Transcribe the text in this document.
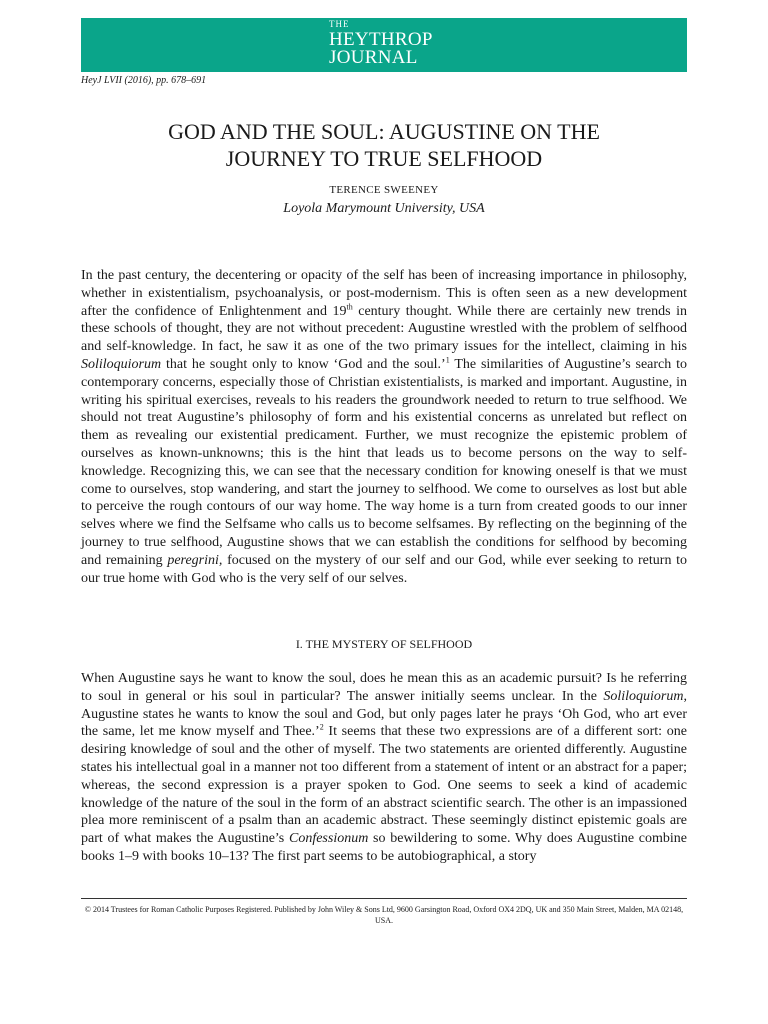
THE
HEYTHROP
JOURNAL
HeyJ LVII (2016), pp. 678–691
GOD AND THE SOUL: AUGUSTINE ON THE
JOURNEY TO TRUE SELFHOOD
TERENCE SWEENEY
Loyola Marymount University, USA

In the past century, the decentering or opacity of the self has been of increasing importance in philosophy, whether in existentialism, psychoanalysis, or post-modernism. This is often seen as a new development after the confidence of Enlightenment and 19th century thought. While there are certainly new trends in these schools of thought, they are not without precedent: Augustine wrestled with the problem of selfhood and self-knowledge. In fact, he saw it as one of the two primary issues for the intellect, claiming in his Soliloquiorum that he sought only to know ‘God and the soul.’$^1$ The similarities of Augustine’s search to contemporary concerns, especially those of Christian existentialists, is marked and important. Augustine, in writing his spiritual exercises, reveals to his readers the groundwork needed to return to true selfhood. We should not treat Augustine’s philosophy of form and his existential concerns as unrelated but reflect on them as revealing our existential predicament. Further, we must recognize the epistemic problem of ourselves as known-unknowns; this is the hint that leads us to become persons on the way to self-knowledge. Recognizing this, we can see that the necessary condition for knowing oneself is that we must come to ourselves, stop wandering, and start the journey to selfhood. We come to ourselves as lost but able to perceive the rough contours of our way home. The way home is a turn from created goods to our inner selves where we find the Selfsame who calls us to become selfsames. By reflecting on the beginning of the journey to true selfhood, Augustine shows that we can establish the conditions for selfhood by becoming and remaining peregrini, focused on the mystery of our self and our God, while ever seeking to return to our true home with God who is the very self of our selves.

I. THE MYSTERY OF SELFHOOD

When Augustine says he want to know the soul, does he mean this as an academic pursuit? Is he referring to soul in general or his soul in particular? The answer initially seems unclear. In the Soliloquiorum, Augustine states he wants to know the soul and God, but only pages later he prays ‘Oh God, who art ever the same, let me know myself and Thee.’$^2$ It seems that these two expressions are of a different sort: one desiring knowledge of soul and the other of myself. The two statements are oriented differently. Augustine states his intellectual goal in a manner not too different from a statement of intent or an abstract for a paper; whereas, the second expression is a prayer spoken to God. One seems to seek a kind of academic knowledge of the nature of the soul in the form of an abstract scientific search. The other is an impassioned plea more reminiscent of a psalm than an academic abstract. These seemingly distinct epistemic goals are part of what makes the Augustine’s Confessionum so bewildering to some. Why does Augustine combine books 1–9 with books 10–13? The first part seems to be autobiographical, a story

© 2014 Trustees for Roman Catholic Purposes Registered. Published by John Wiley & Sons Ltd, 9600 Garsington Road, Oxford OX4 2DQ, UK and 350 Main Street, Malden, MA 02148, USA.
